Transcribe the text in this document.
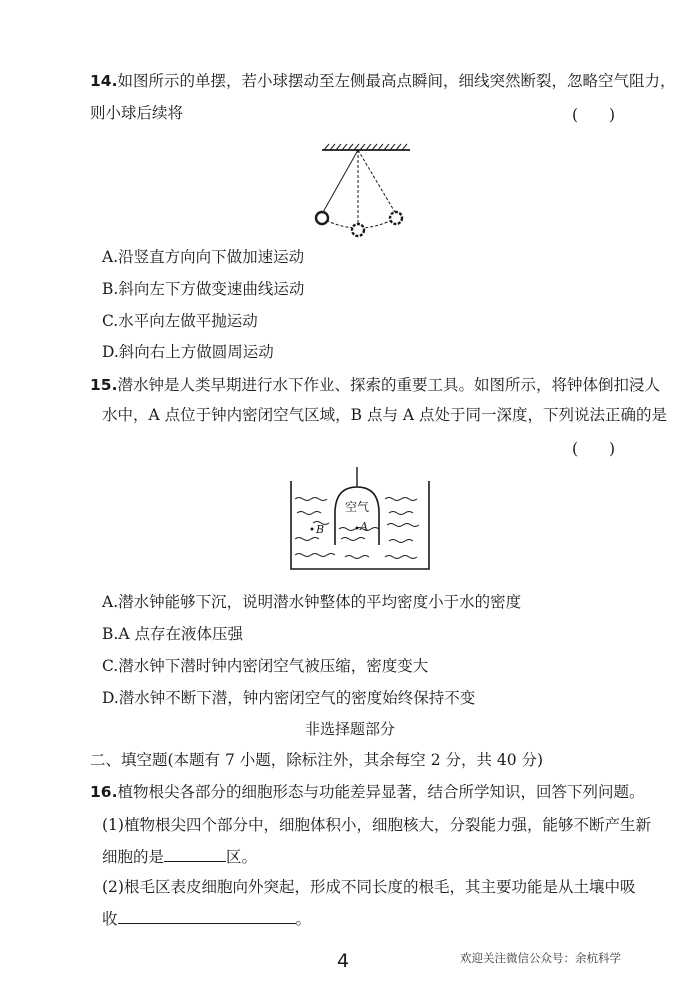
14.如图所示的单摆，若小球摆动至左侧最高点瞬间，细线突然断裂，忽略空气阻力，
则小球后续将	(　　)
A.沿竖直方向向下做加速运动
B.斜向左下方做变速曲线运动
C.水平向左做平抛运动
D.斜向右上方做圆周运动
15.潜水钟是人类早期进行水下作业、探索的重要工具。如图所示，将钟体倒扣浸人
水中，A 点位于钟内密闭空气区域，B 点与 A 点处于同一深度，下列说法正确的是
(　　)
空气
A
B
A.潜水钟能够下沉，说明潜水钟整体的平均密度小于水的密度
B.A 点存在液体压强
C.潜水钟下潜时钟内密闭空气被压缩，密度变大
D.潜水钟不断下潜，钟内密闭空气的密度始终保持不变
非选择题部分
二、填空题(本题有 7 小题，除标注外，其余每空 2 分，共 40 分)
16.植物根尖各部分的细胞形态与功能差异显著，结合所学知识，回答下列问题。
(1)植物根尖四个部分中，细胞体积小，细胞核大，分裂能力强，能够不断产生新
细胞的是	区。
(2)根毛区表皮细胞向外突起，形成不同长度的根毛，其主要功能是从土壤中吸
收	。
4	欢迎关注微信公众号：余杭科学
